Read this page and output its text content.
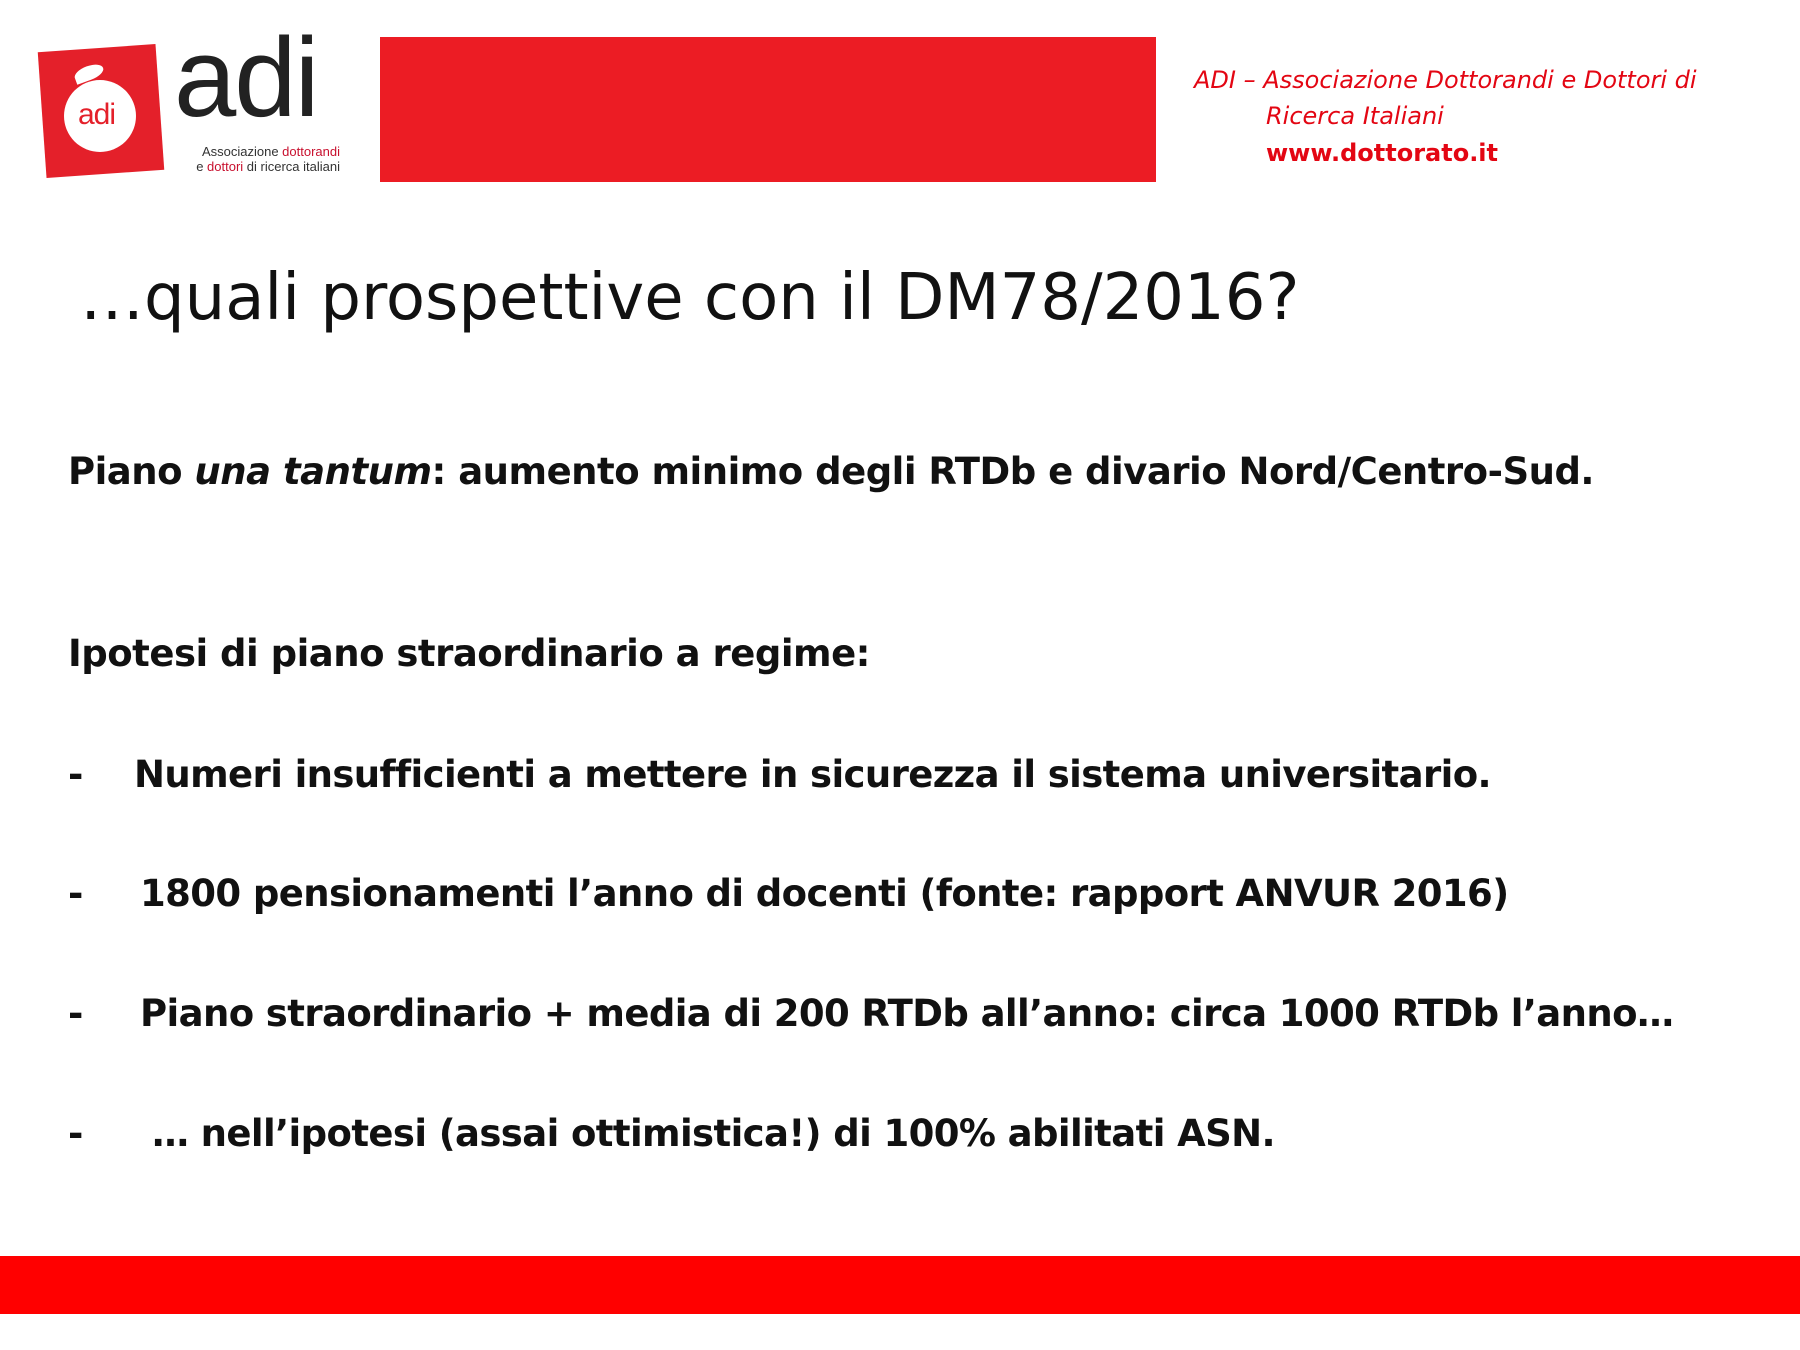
adi adi
Associazione dottorandi
e dottori di ricerca italiani
ADI – Associazione Dottorandi e Dottori di
Ricerca Italiani
www.dottorato.it
…quali prospettive con il DM78/2016?
Piano una tantum: aumento minimo degli RTDb e divario Nord/Centro-Sud.
Ipotesi di piano straordinario a regime:
- Numeri insufficienti a mettere in sicurezza il sistema universitario.
- 1800 pensionamenti l’anno di docenti (fonte: rapport ANVUR 2016)
- Piano straordinario + media di 200 RTDb all’anno: circa 1000 RTDb l’anno…
- … nell’ipotesi (assai ottimistica!) di 100% abilitati ASN.
